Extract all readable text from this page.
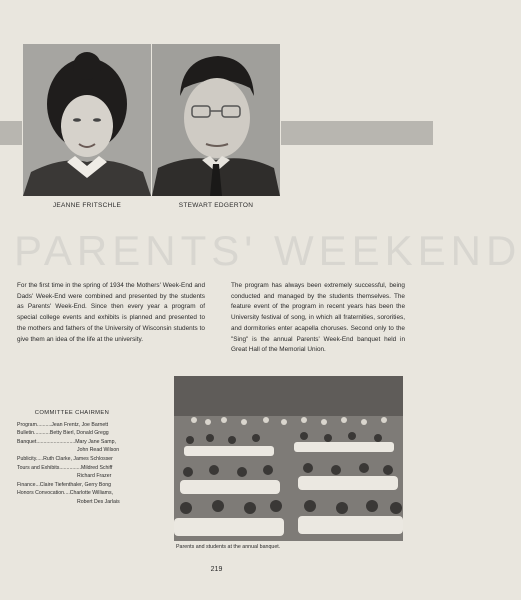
JEANNE FRITSCHLE	STEWART EDGERTON
PARENTS' WEEKEND
For the first time in the spring of 1934 the Mothers' Week-End and Dads' Week-End were combined and presented by the students as Parents' Week-End. Since then every year a program of special college events and exhibits is planned and presented to the mothers and fathers of the University of Wisconsin students to give them an idea of the life at the university.
The program has always been extremely successful, being conducted and managed by the students themselves. The feature event of the program in recent years has been the University festival of song, in which all fraternities, sororities, and dormitories enter acapella choruses. Second only to the "Sing" is the annual Parents' Week-End banquet held in Great Hall of the Memorial Union.
COMMITTEE CHAIRMEN
Program..........Jean Frentz, Joe Barnett
Bulletin...........Betty Bierl, Donald Gregg
Banquet...........................Mary Jane Samp,
John Read Wilson
Publicity.....Ruth Clarke, James Schlosser
Tours and Exhibits...............Mildred Schiff
Richard Frazer
Finance...Claire Tiefenthaler, Gerry Bong
Honors Convocation....Charlotte Williams,
Robert Des Jarlais
Parents and students at the annual banquet.
219
